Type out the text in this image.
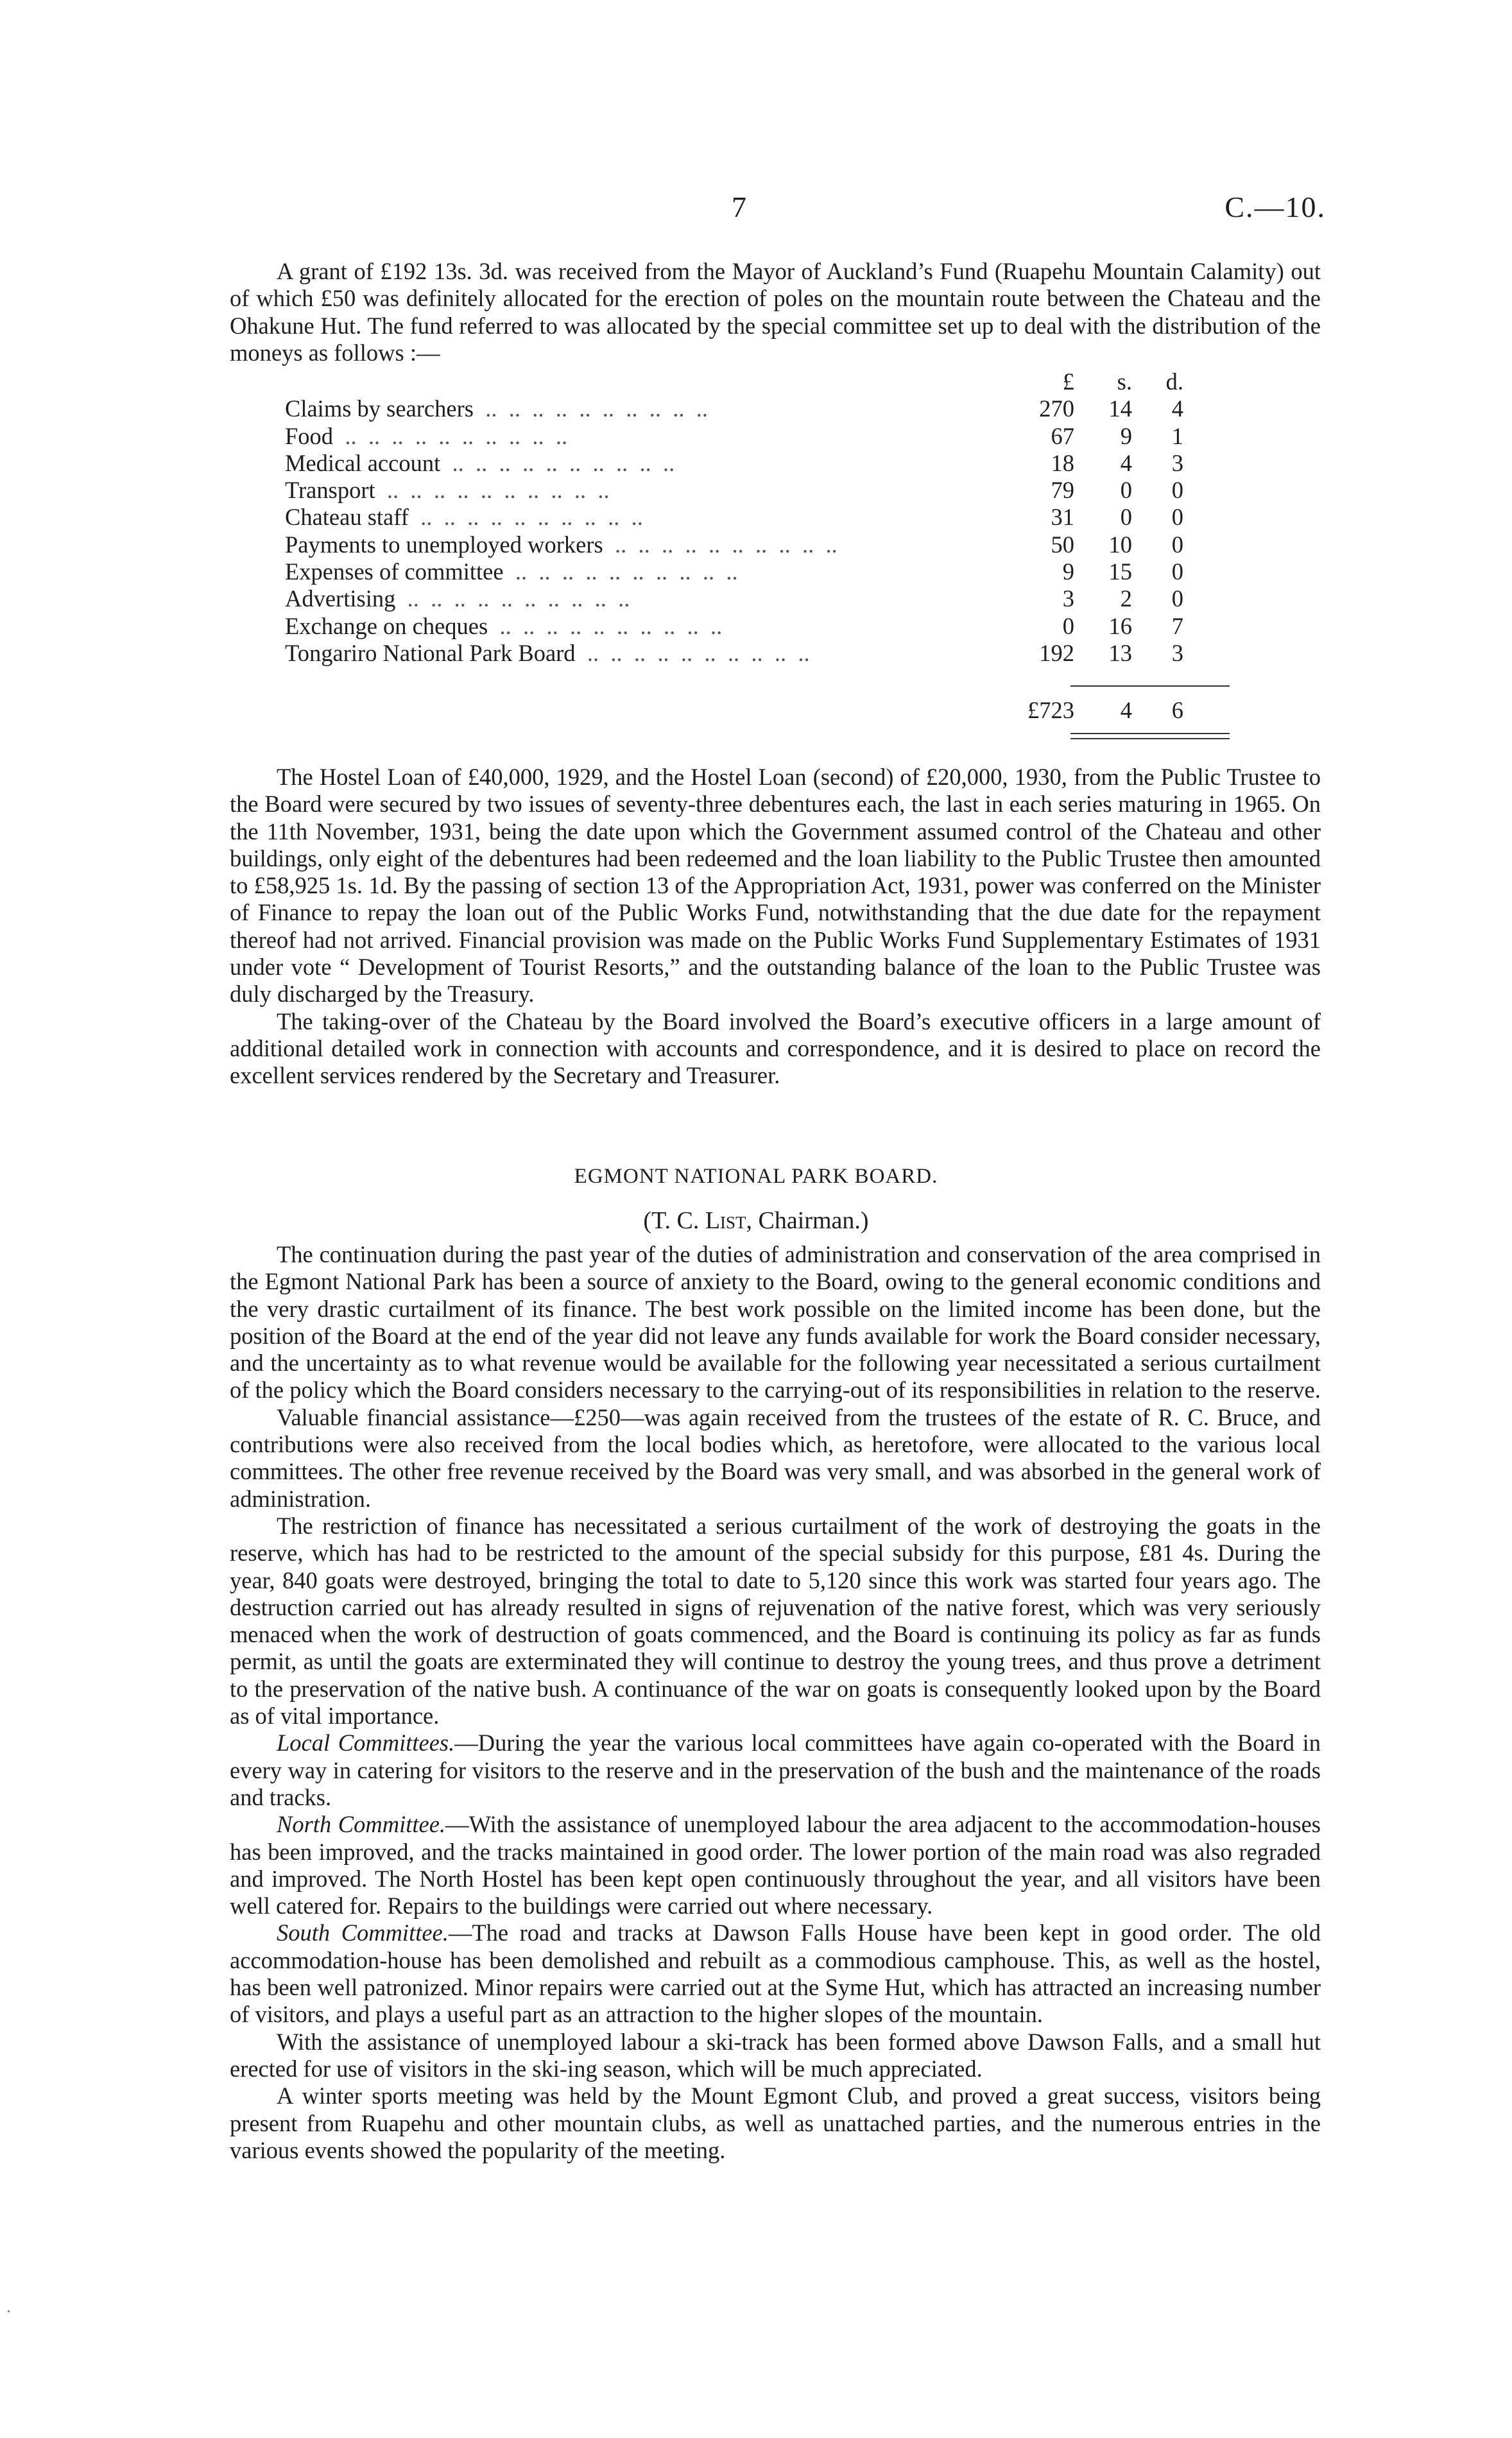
7	C.—10.

A grant of £192 13s. 3d. was received from the Mayor of Auckland’s Fund (Ruapehu Mountain Calamity) out of which £50 was definitely allocated for the erection of poles on the mountain route between the Chateau and the Ohakune Hut. The fund referred to was allocated by the special committee set up to deal with the distribution of the moneys as follows :—

£	s.	d.
Claims by searchers  ..  ..  ..  ..  ..  ..  ..  ..  ..  ..	270	14	4
Food  ..  ..  ..  ..  ..  ..  ..  ..  ..  ..	67	9	1
Medical account  ..  ..  ..  ..  ..  ..  ..  ..  ..  ..	18	4	3
Transport  ..  ..  ..  ..  ..  ..  ..  ..  ..  ..	79	0	0
Chateau staff  ..  ..  ..  ..  ..  ..  ..  ..  ..  ..	31	0	0
Payments to unemployed workers  ..  ..  ..  ..  ..  ..  ..  ..  ..  ..	50	10	0
Expenses of committee  ..  ..  ..  ..  ..  ..  ..  ..  ..  ..	9	15	0
Advertising  ..  ..  ..  ..  ..  ..  ..  ..  ..  ..	3	2	0
Exchange on cheques  ..  ..  ..  ..  ..  ..  ..  ..  ..  ..	0	16	7
Tongariro National Park Board  ..  ..  ..  ..  ..  ..  ..  ..  ..  ..	192	13	3
£723	4	6

The Hostel Loan of £40,000, 1929, and the Hostel Loan (second) of £20,000, 1930, from the Public Trustee to the Board were secured by two issues of seventy-three debentures each, the last in each series maturing in 1965. On the 11th November, 1931, being the date upon which the Government assumed control of the Chateau and other buildings, only eight of the debentures had been redeemed and the loan liability to the Public Trustee then amounted to £58,925 1s. 1d. By the passing of section 13 of the Appropriation Act, 1931, power was conferred on the Minister of Finance to repay the loan out of the Public Works Fund, notwithstanding that the due date for the repayment thereof had not arrived. Financial provision was made on the Public Works Fund Supplementary Estimates of 1931 under vote “ Development of Tourist Resorts,” and the outstanding balance of the loan to the Public Trustee was duly discharged by the Treasury.

The taking-over of the Chateau by the Board involved the Board’s executive officers in a large amount of additional detailed work in connection with accounts and correspondence, and it is desired to place on record the excellent services rendered by the Secretary and Treasurer.

EGMONT NATIONAL PARK BOARD.
(T. C. List, Chairman.)

The continuation during the past year of the duties of administration and conservation of the area comprised in the Egmont National Park has been a source of anxiety to the Board, owing to the general economic conditions and the very drastic curtailment of its finance. The best work possible on the limited income has been done, but the position of the Board at the end of the year did not leave any funds available for work the Board consider necessary, and the uncertainty as to what revenue would be available for the following year necessitated a serious curtailment of the policy which the Board considers necessary to the carrying-out of its responsibilities in relation to the reserve.

Valuable financial assistance—£250—was again received from the trustees of the estate of R. C. Bruce, and contributions were also received from the local bodies which, as heretofore, were allocated to the various local committees. The other free revenue received by the Board was very small, and was absorbed in the general work of administration.

The restriction of finance has necessitated a serious curtailment of the work of destroying the goats in the reserve, which has had to be restricted to the amount of the special subsidy for this purpose, £81 4s. During the year, 840 goats were destroyed, bringing the total to date to 5,120 since this work was started four years ago. The destruction carried out has already resulted in signs of rejuvenation of the native forest, which was very seriously menaced when the work of destruction of goats commenced, and the Board is continuing its policy as far as funds permit, as until the goats are exterminated they will continue to destroy the young trees, and thus prove a detriment to the preservation of the native bush. A continuance of the war on goats is consequently looked upon by the Board as of vital importance.

Local Committees.—During the year the various local committees have again co-operated with the Board in every way in catering for visitors to the reserve and in the preservation of the bush and the maintenance of the roads and tracks.

North Committee.—With the assistance of unemployed labour the area adjacent to the accommodation-houses has been improved, and the tracks maintained in good order. The lower portion of the main road was also regraded and improved. The North Hostel has been kept open continuously throughout the year, and all visitors have been well catered for. Repairs to the buildings were carried out where necessary.

South Committee.—The road and tracks at Dawson Falls House have been kept in good order. The old accommodation-house has been demolished and rebuilt as a commodious camphouse. This, as well as the hostel, has been well patronized. Minor repairs were carried out at the Syme Hut, which has attracted an increasing number of visitors, and plays a useful part as an attraction to the higher slopes of the mountain.

With the assistance of unemployed labour a ski-track has been formed above Dawson Falls, and a small hut erected for use of visitors in the ski-ing season, which will be much appreciated.

A winter sports meeting was held by the Mount Egmont Club, and proved a great success, visitors being present from Ruapehu and other mountain clubs, as well as unattached parties, and the numerous entries in the various events showed the popularity of the meeting.
